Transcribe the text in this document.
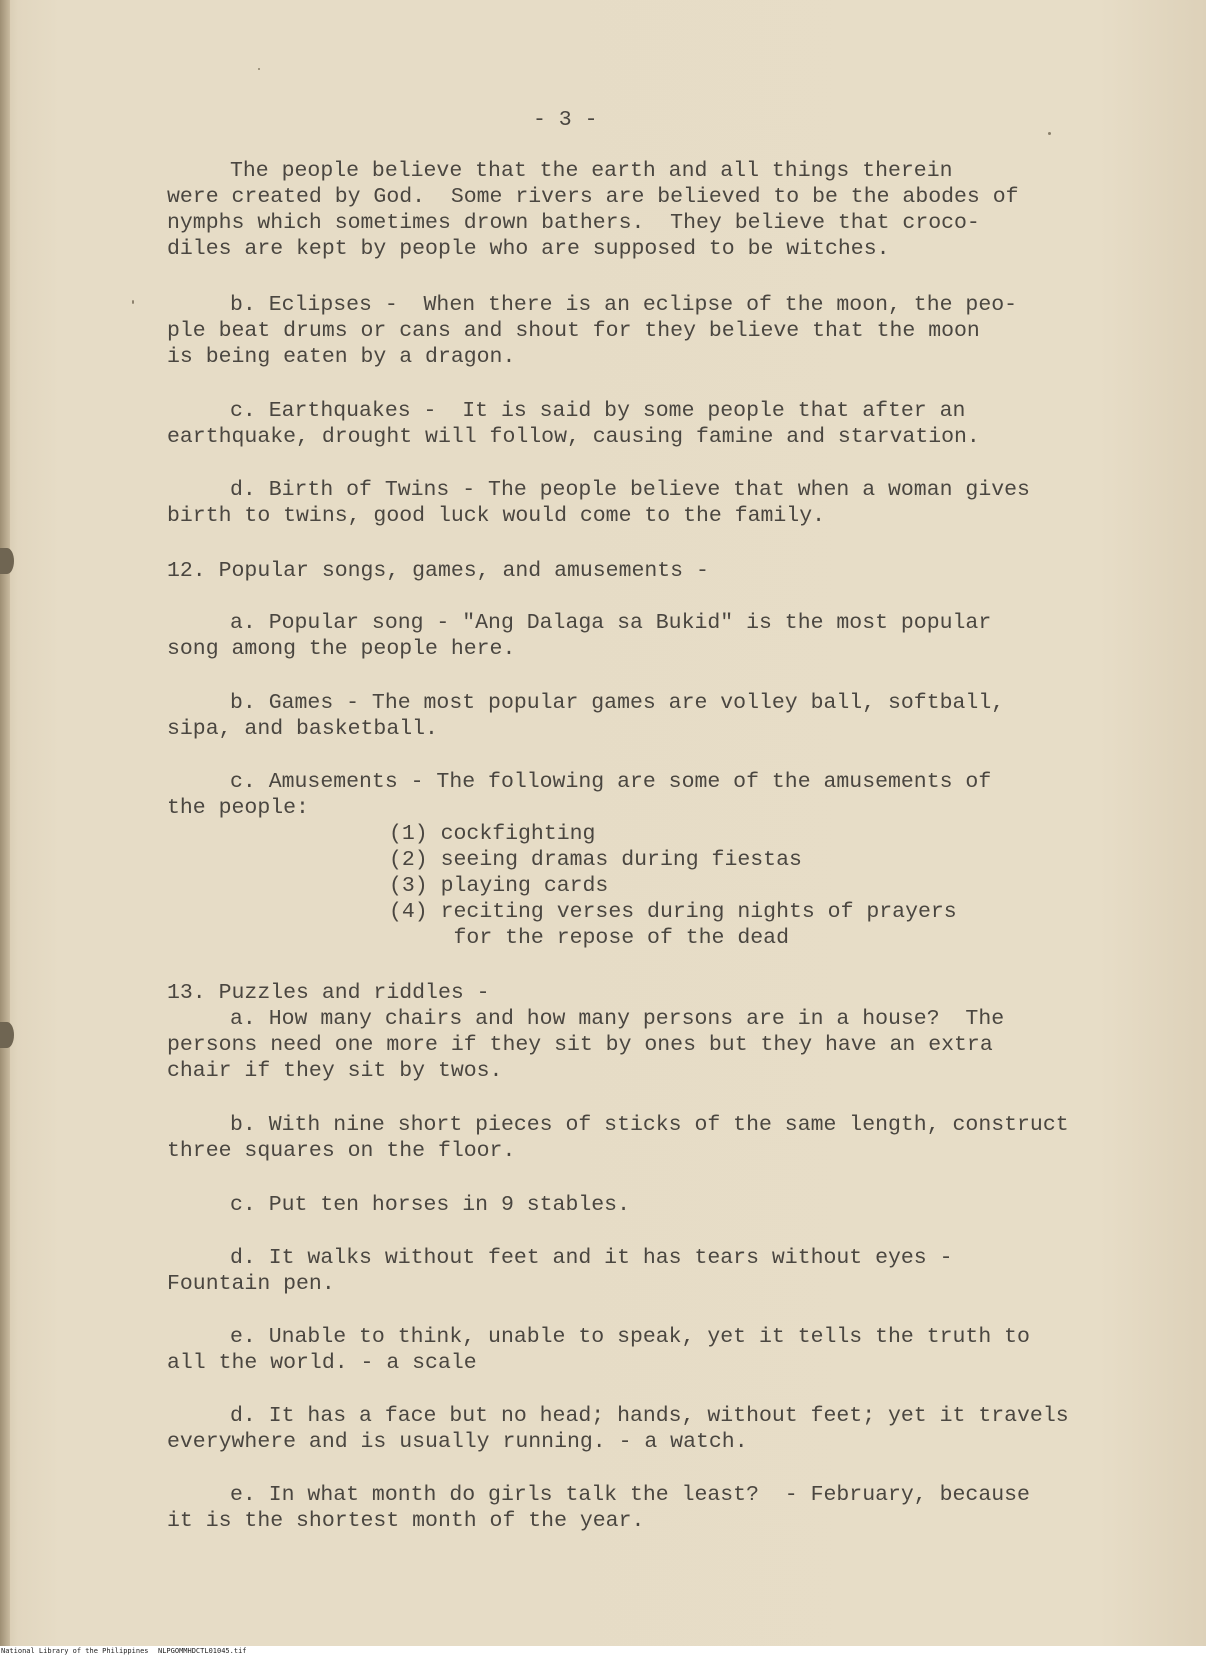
- 3 -
The people believe that the earth and all things therein
were created by God.  Some rivers are believed to be the abodes of
nymphs which sometimes drown bathers.  They believe that croco-
diles are kept by people who are supposed to be witches.
b. Eclipses -  When there is an eclipse of the moon, the peo-
ple beat drums or cans and shout for they believe that the moon
is being eaten by a dragon.
c. Earthquakes -  It is said by some people that after an
earthquake, drought will follow, causing famine and starvation.
d. Birth of Twins - The people believe that when a woman gives
birth to twins, good luck would come to the family.
12. Popular songs, games, and amusements -
a. Popular song - "Ang Dalaga sa Bukid" is the most popular
song among the people here.
b. Games - The most popular games are volley ball, softball,
sipa, and basketball.
c. Amusements - The following are some of the amusements of
the people:
(1) cockfighting
(2) seeing dramas during fiestas
(3) playing cards
(4) reciting verses during nights of prayers
for the repose of the dead
13. Puzzles and riddles -
a. How many chairs and how many persons are in a house?  The
persons need one more if they sit by ones but they have an extra
chair if they sit by twos.
b. With nine short pieces of sticks of the same length, construct
three squares on the floor.
c. Put ten horses in 9 stables.
d. It walks without feet and it has tears without eyes -
Fountain pen.
e. Unable to think, unable to speak, yet it tells the truth to
all the world. - a scale
d. It has a face but no head; hands, without feet; yet it travels
everywhere and is usually running. - a watch.
e. In what month do girls talk the least?  - February, because
it is the shortest month of the year.
National Library of the Philippines NLPGOMMHDCTL01045.tif
